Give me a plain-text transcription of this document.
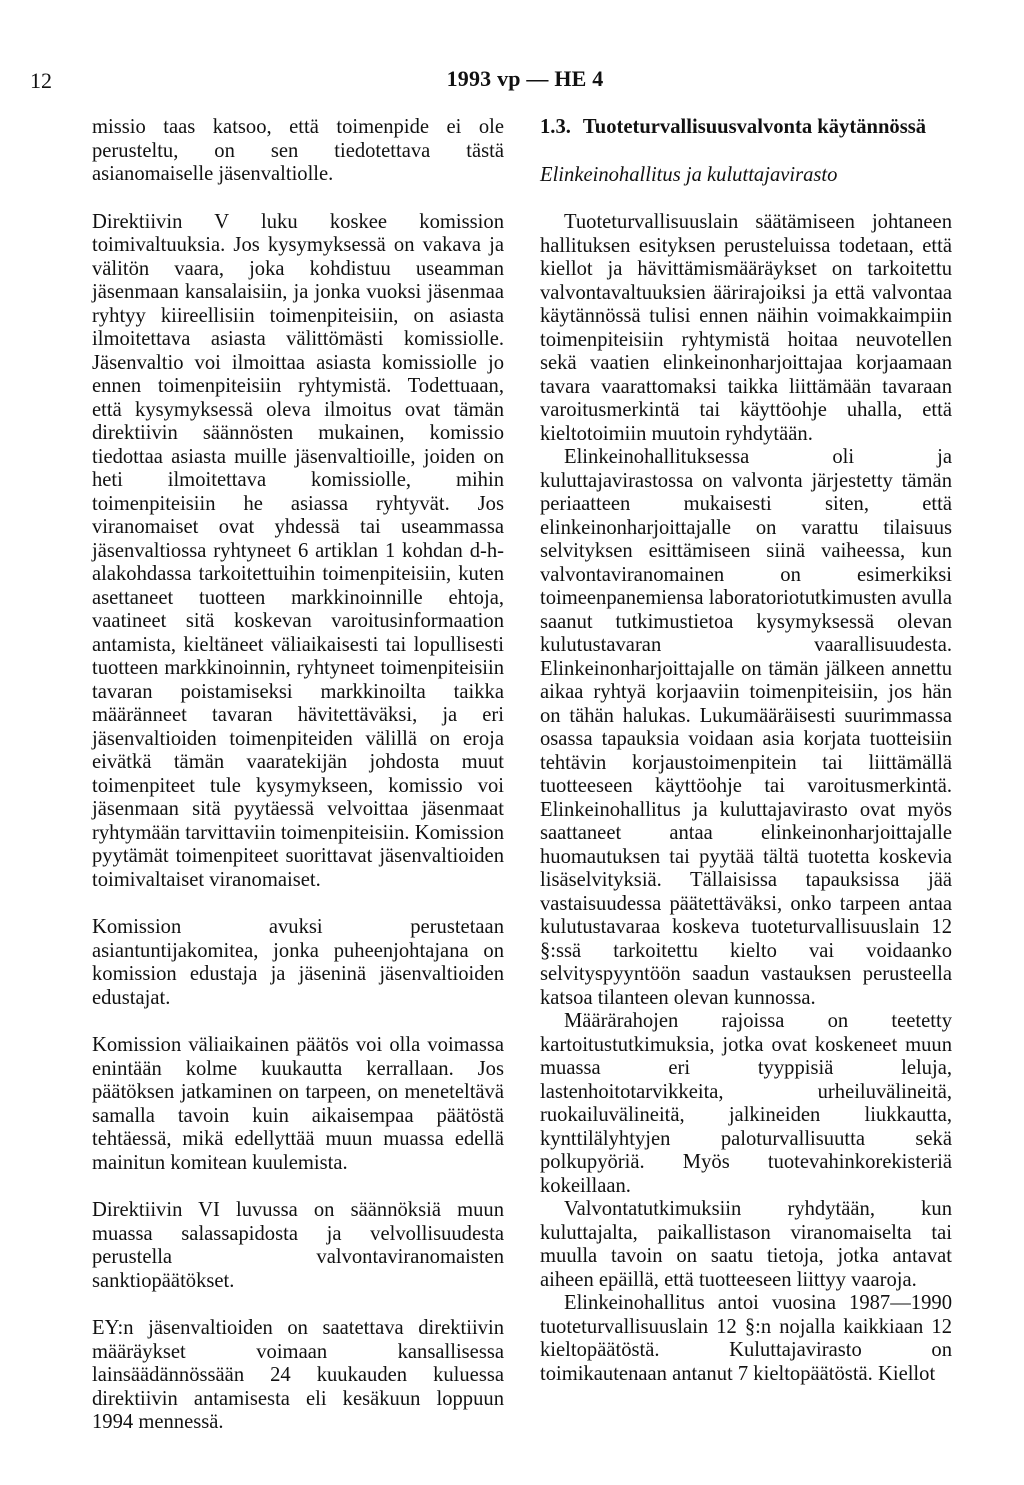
12	1993 vp — HE 4

missio taas katsoo, että toimenpide ei ole perusteltu, on sen tiedotettava tästä asianomaiselle jäsenvaltiolle.

Direktiivin V luku koskee komission toimivaltuuksia. Jos kysymyksessä on vakava ja välitön vaara, joka kohdistuu useamman jäsenmaan kansalaisiin, ja jonka vuoksi jäsenmaa ryhtyy kiireellisiin toimenpiteisiin, on asiasta ilmoitettava asiasta välittömästi komissiolle. Jäsenvaltio voi ilmoittaa asiasta komissiolle jo ennen toimenpiteisiin ryhtymistä. Todettuaan, että kysymyksessä oleva ilmoitus ovat tämän direktiivin säännösten mukainen, komissio tiedottaa asiasta muille jäsenvaltioille, joiden on heti ilmoitettava komissiolle, mihin toimenpiteisiin he asiassa ryhtyvät. Jos viranomaiset ovat yhdessä tai useammassa jäsenvaltiossa ryhtyneet 6 artiklan 1 kohdan d-h-alakohdassa tarkoitettuihin toimenpiteisiin, kuten asettaneet tuotteen markkinoinnille ehtoja, vaatineet sitä koskevan varoitusinformaation antamista, kieltäneet väliaikaisesti tai lopullisesti tuotteen markkinoinnin, ryhtyneet toimenpiteisiin tavaran poistamiseksi markkinoilta taikka määränneet tavaran hävitettäväksi, ja eri jäsenvaltioiden toimenpiteiden välillä on eroja eivätkä tämän vaaratekijän johdosta muut toimenpiteet tule kysymykseen, komissio voi jäsenmaan sitä pyytäessä velvoittaa jäsenmaat ryhtymään tarvittaviin toimenpiteisiin. Komission pyytämät toimenpiteet suorittavat jäsenvaltioiden toimivaltaiset viranomaiset.

Komission avuksi perustetaan asiantuntijakomitea, jonka puheenjohtajana on komission edustaja ja jäseninä jäsenvaltioiden edustajat.

Komission väliaikainen päätös voi olla voimassa enintään kolme kuukautta kerrallaan. Jos päätöksen jatkaminen on tarpeen, on meneteltävä samalla tavoin kuin aikaisempaa päätöstä tehtäessä, mikä edellyttää muun muassa edellä mainitun komitean kuulemista.

Direktiivin VI luvussa on säännöksiä muun muassa salassapidosta ja velvollisuudesta perustella valvontaviranomaisten sanktiopäätökset.

EY:n jäsenvaltioiden on saatettava direktiivin määräykset voimaan kansallisessa lainsäädännössään 24 kuukauden kuluessa direktiivin antamisesta eli kesäkuun loppuun 1994 mennessä.

1.3. Tuoteturvallisuusvalvonta käytännössä
Elinkeinohallitus ja kuluttajavirasto

Tuoteturvallisuuslain säätämiseen johtaneen hallituksen esityksen perusteluissa todetaan, että kiellot ja hävittämismääräykset on tarkoitettu valvontavaltuuksien äärirajoiksi ja että valvontaa käytännössä tulisi ennen näihin voimakkaimpiin toimenpiteisiin ryhtymistä hoitaa neuvotellen sekä vaatien elinkeinonharjoittajaa korjaamaan tavara vaarattomaksi taikka liittämään tavaraan varoitusmerkintä tai käyttöohje uhalla, että kieltotoimiin muutoin ryhdytään.

Elinkeinohallituksessa oli ja kuluttajavirastossa on valvonta järjestetty tämän periaatteen mukaisesti siten, että elinkeinonharjoittajalle on varattu tilaisuus selvityksen esittämiseen siinä vaiheessa, kun valvontaviranomainen on esimerkiksi toimeenpanemiensa laboratoriotutkimusten avulla saanut tutkimustietoa kysymyksessä olevan kulutustavaran vaarallisuudesta. Elinkeinonharjoittajalle on tämän jälkeen annettu aikaa ryhtyä korjaaviin toimenpiteisiin, jos hän on tähän halukas. Lukumääräisesti suurimmassa osassa tapauksia voidaan asia korjata tuotteisiin tehtävin korjaustoimenpitein tai liittämällä tuotteeseen käyttöohje tai varoitusmerkintä. Elinkeinohallitus ja kuluttajavirasto ovat myös saattaneet antaa elinkeinonharjoittajalle huomautuksen tai pyytää tältä tuotetta koskevia lisäselvityksiä. Tällaisissa tapauksissa jää vastaisuudessa päätettäväksi, onko tarpeen antaa kulutustavaraa koskeva tuoteturvallisuuslain 12 §:ssä tarkoitettu kielto vai voidaanko selvityspyyntöön saadun vastauksen perusteella katsoa tilanteen olevan kunnossa.

Määrärahojen rajoissa on teetetty kartoitustutkimuksia, jotka ovat koskeneet muun muassa eri tyyppisiä leluja, lastenhoitotarvikkeita, urheiluvälineitä, ruokailuvälineitä, jalkineiden liukkautta, kynttilälyhtyjen paloturvallisuutta sekä polkupyöriä. Myös tuotevahinkorekisteriä kokeillaan.

Valvontatutkimuksiin ryhdytään, kun kuluttajalta, paikallistason viranomaiselta tai muulla tavoin on saatu tietoja, jotka antavat aiheen epäillä, että tuotteeseen liittyy vaaroja.

Elinkeinohallitus antoi vuosina 1987—1990 tuoteturvallisuuslain 12 §:n nojalla kaikkiaan 12 kieltopäätöstä. Kuluttajavirasto on toimikautenaan antanut 7 kieltopäätöstä. Kiellot
